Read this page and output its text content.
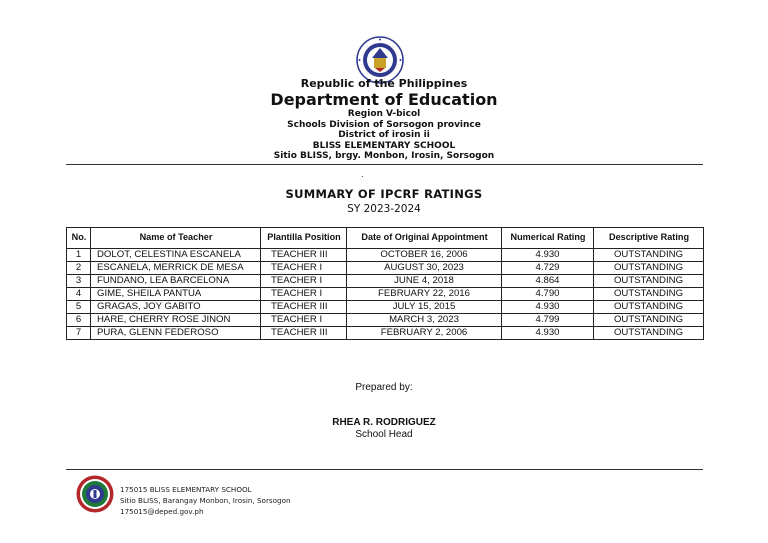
Republic of the Philippines
Department of Education
Region V-bicol
Schools Division of Sorsogon province
District of irosin ii
BLISS ELEMENTARY SCHOOL
Sitio BLISS, brgy. Monbon, Irosin, Sorsogon
.
SUMMARY OF IPCRF RATINGS
SY 2023-2024
No.	Name of Teacher	Plantilla Position	Date of Original Appointment	Numerical Rating	Descriptive Rating
1	DOLOT, CELESTINA ESCANELA	TEACHER III	OCTOBER 16, 2006	4.930	OUTSTANDING
2	ESCANELA, MERRICK DE MESA	TEACHER I	AUGUST 30, 2023	4.729	OUTSTANDING
3	FUNDANO, LEA BARCELONA	TEACHER I	JUNE 4, 2018	4.864	OUTSTANDING
4	GIME, SHEILA PANTUA	TEACHER I	FEBRUARY 22, 2016	4.790	OUTSTANDING
5	GRAGAS, JOY GABITO	TEACHER III	JULY 15, 2015	4.930	OUTSTANDING
6	HARE, CHERRY ROSE JINON	TEACHER I	MARCH 3, 2023	4.799	OUTSTANDING
7	PURA, GLENN FEDEROSO	TEACHER III	FEBRUARY 2, 2006	4.930	OUTSTANDING
Prepared by:
RHEA R. RODRIGUEZ
School Head
175015 BLISS ELEMENTARY SCHOOL
Sitio BLISS, Barangay Monbon, Irosin, Sorsogon
175015@deped.gov.ph
